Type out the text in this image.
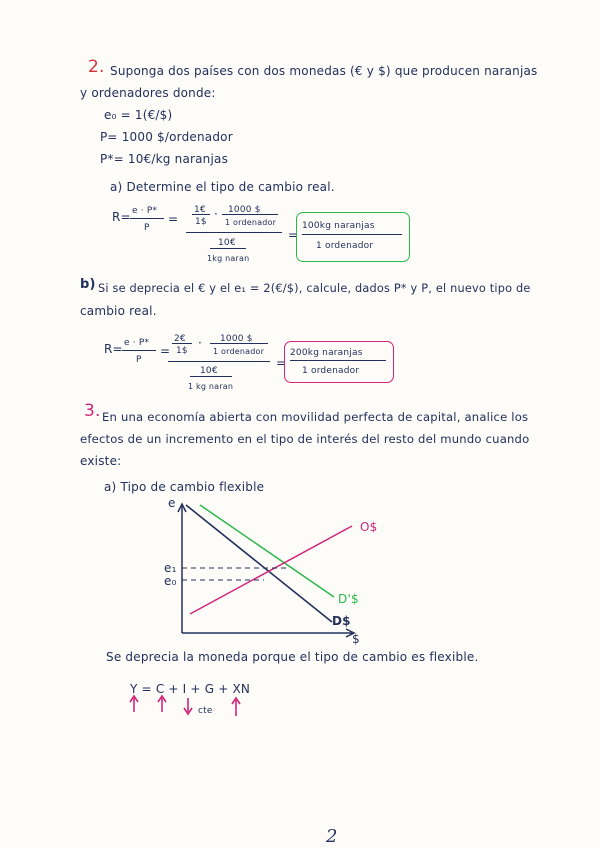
2. Suponga dos países con dos monedas (€ y $) que producen naranjas
y ordenadores donde:
e₀ = 1(€/$)
P= 1000 $/ordenador
P*= 10€/kg naranjas
a) Determine el tipo de cambio real.
R= e · P*
P
=
1€
1$
· 1000 $
1 ordenador
10€
1kg naran
=
100kg naranjas
1 ordenador
b) Si se deprecia el € y el e₁ = 2(€/$), calcule, dados P* y P, el nuevo tipo de
cambio real.
R= e · P*
P
=
2€
1$
· 1000 $
1 ordenador
10€
1 kg naran
=
200kg naranjas
1 ordenador
3. En una economía abierta con movilidad perfecta de capital, analice los
efectos de un incremento en el tipo de interés del resto del mundo cuando
existe:
a) Tipo de cambio flexible
e
$
e₁
e₀
O$
D'$
D$
Se deprecia la moneda porque el tipo de cambio es flexible.
Y = C + I + G + XN
cte
2
